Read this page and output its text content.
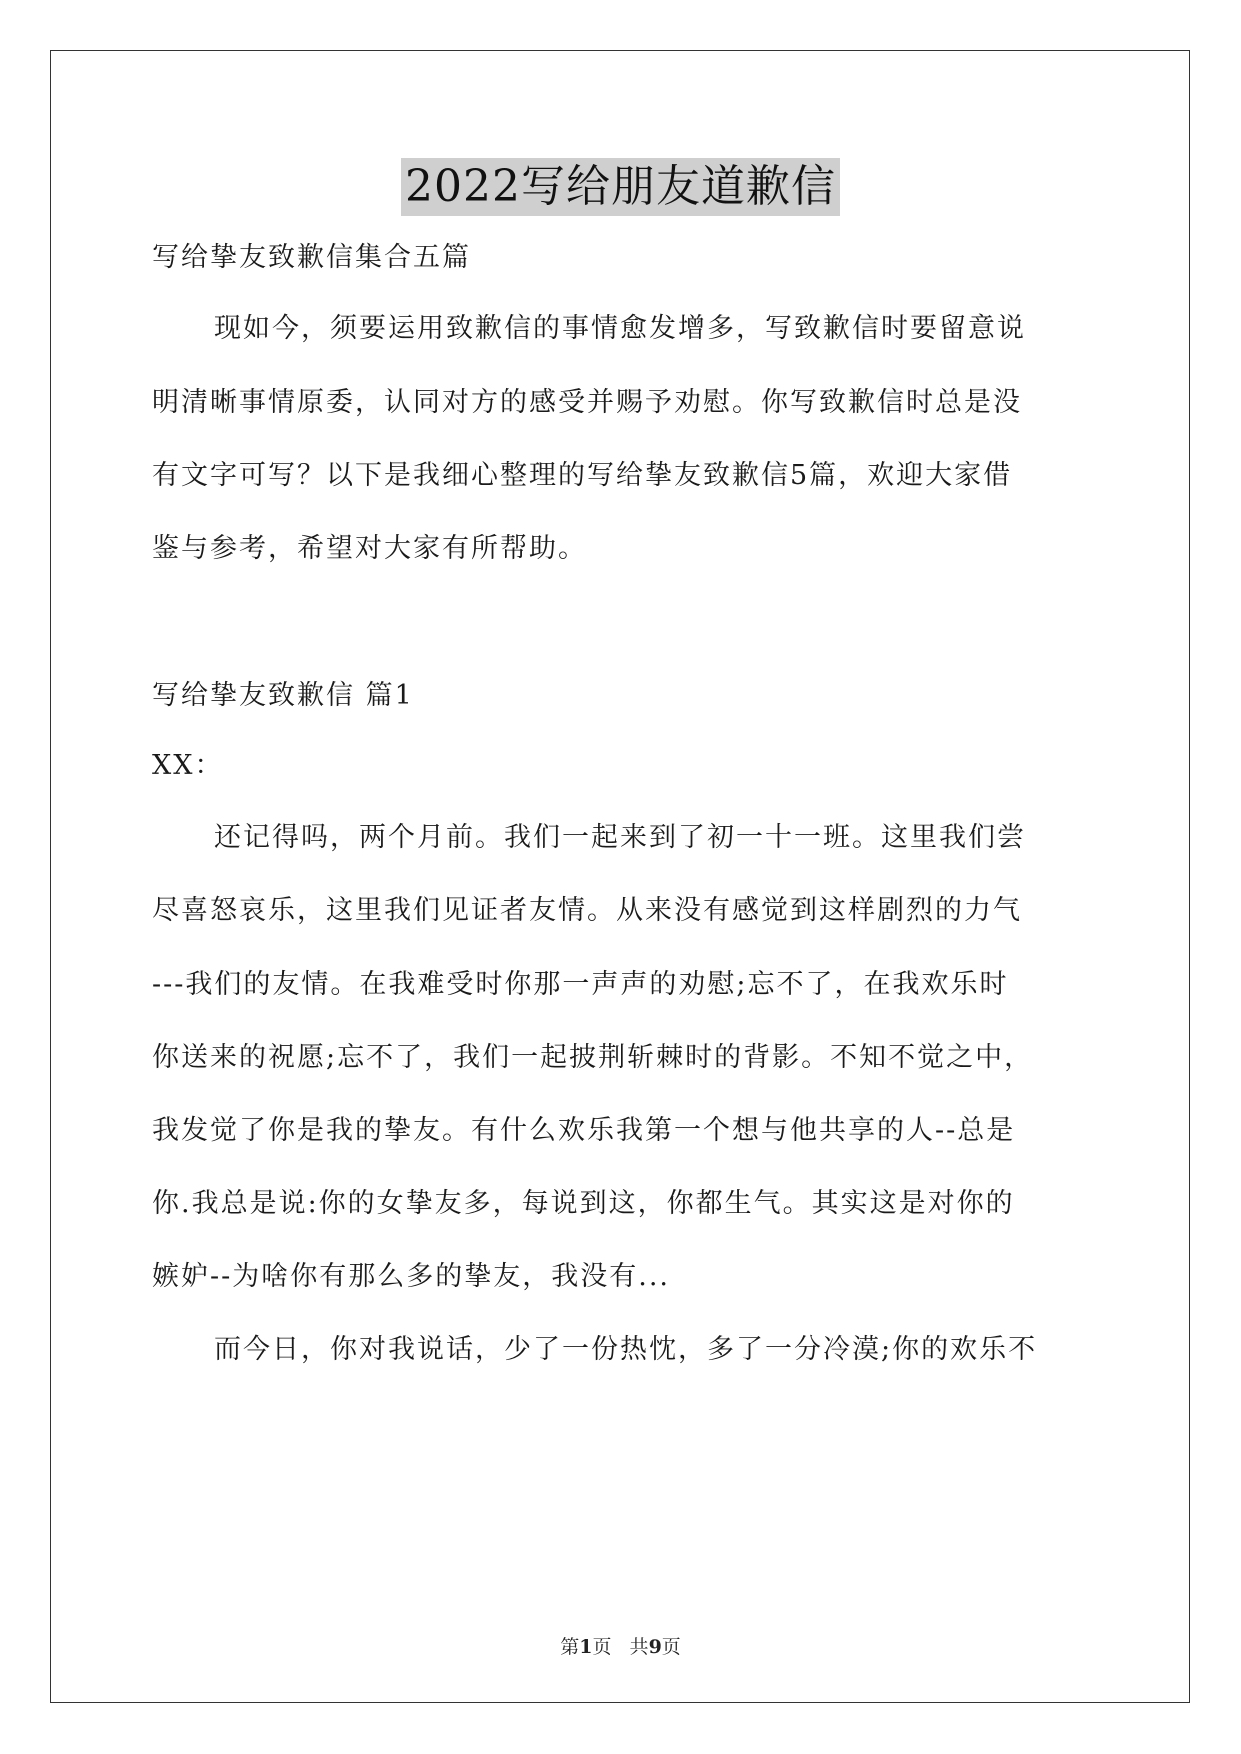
2022写给朋友道歉信
写给挚友致歉信集合五篇
现如今，须要运用致歉信的事情愈发增多，写致歉信时要留意说
明清晰事情原委，认同对方的感受并赐予劝慰。你写致歉信时总是没
有文字可写？以下是我细心整理的写给挚友致歉信5篇，欢迎大家借
鉴与参考，希望对大家有所帮助。
写给挚友致歉信 篇1
XX：
还记得吗，两个月前。我们一起来到了初一十一班。这里我们尝
尽喜怒哀乐，这里我们见证者友情。从来没有感觉到这样剧烈的力气
---我们的友情。在我难受时你那一声声的劝慰;忘不了，在我欢乐时
你送来的祝愿;忘不了，我们一起披荆斩棘时的背影。不知不觉之中，
我发觉了你是我的挚友。有什么欢乐我第一个想与他共享的人--总是
你.我总是说:你的女挚友多，每说到这，你都生气。其实这是对你的
嫉妒--为啥你有那么多的挚友，我没有...
而今日，你对我说话，少了一份热忱，多了一分冷漠;你的欢乐不
第1页   共9页
